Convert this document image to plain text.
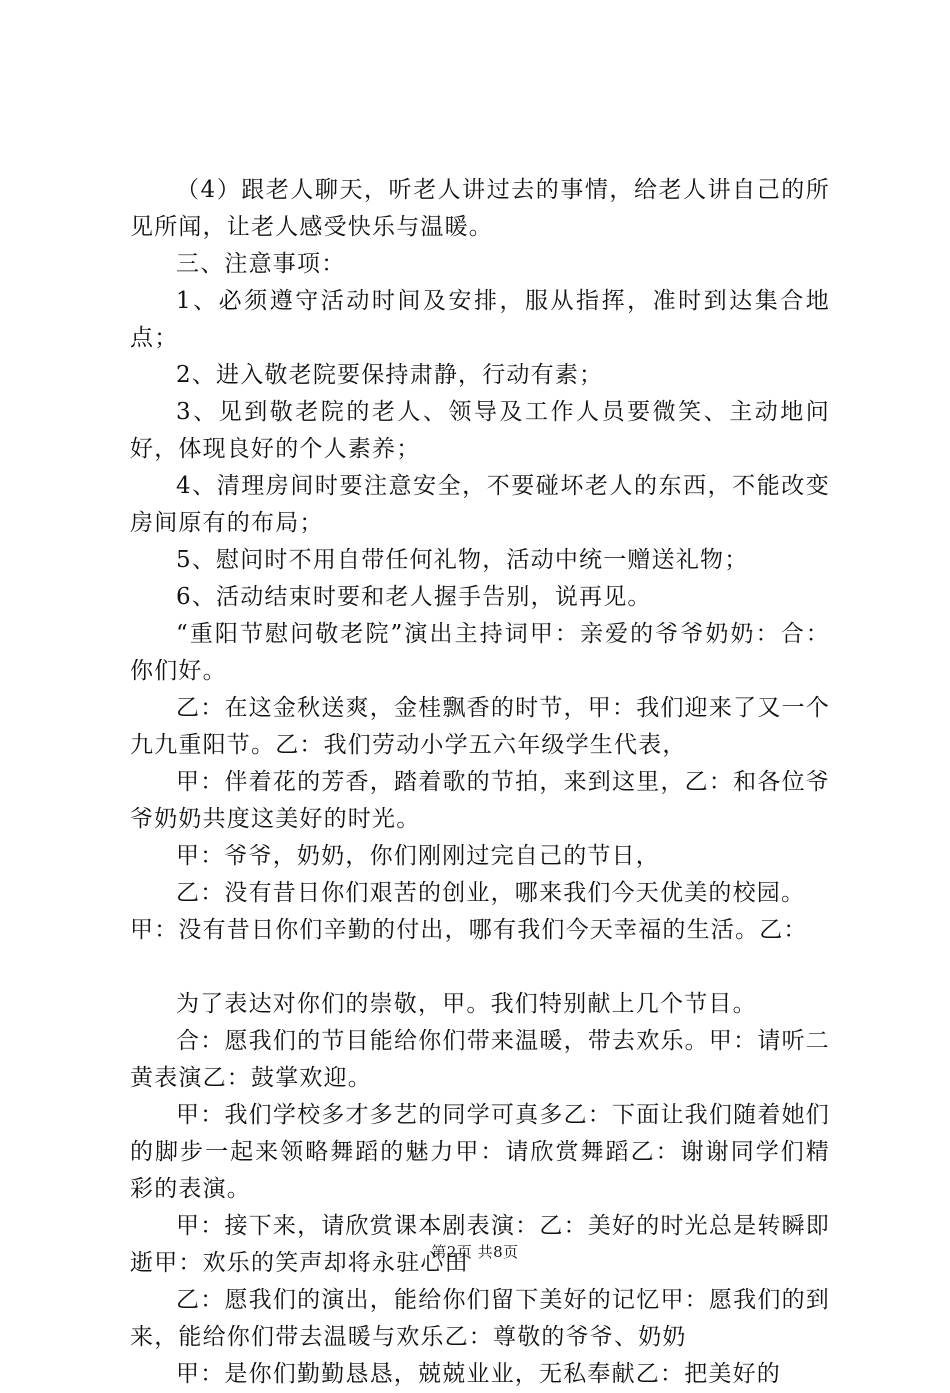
（4）跟老人聊天，听老人讲过去的事情，给老人讲自己的所见所闻，让老人感受快乐与温暖。

三、注意事项：

1、必须遵守活动时间及安排，服从指挥，准时到达集合地点；

2、进入敬老院要保持肃静，行动有素；

3、见到敬老院的老人、领导及工作人员要微笑、主动地问好，体现良好的个人素养；

4、清理房间时要注意安全，不要碰坏老人的东西，不能改变房间原有的布局；

5、慰问时不用自带任何礼物，活动中统一赠送礼物；

6、活动结束时要和老人握手告别，说再见。

“重阳节慰问敬老院”演出主持词甲：亲爱的爷爷奶奶：合：你们好。

乙：在这金秋送爽，金桂飘香的时节，甲：我们迎来了又一个九九重阳节。乙：我们劳动小学五六年级学生代表，

甲：伴着花的芳香，踏着歌的节拍，来到这里，乙：和各位爷爷奶奶共度这美好的时光。

甲：爷爷，奶奶，你们刚刚过完自己的节日，

乙：没有昔日你们艰苦的创业，哪来我们今天优美的校园。

甲：没有昔日你们辛勤的付出，哪有我们今天幸福的生活。乙：

为了表达对你们的崇敬，甲。我们特别献上几个节目。

合：愿我们的节目能给你们带来温暖，带去欢乐。甲：请听二黄表演乙：鼓掌欢迎。

甲：我们学校多才多艺的同学可真多乙：下面让我们随着她们的脚步一起来领略舞蹈的魅力甲：请欣赏舞蹈乙：谢谢同学们精彩的表演。

甲：接下来，请欣赏课本剧表演：乙：美好的时光总是转瞬即逝甲：欢乐的笑声却将永驻心田

乙：愿我们的演出，能给你们留下美好的记忆甲：愿我们的到来，能给你们带去温暖与欢乐乙：尊敬的爷爷、奶奶

甲：是你们勤勤恳恳，兢兢业业，无私奉献乙：把美好的

第2页 共8页
